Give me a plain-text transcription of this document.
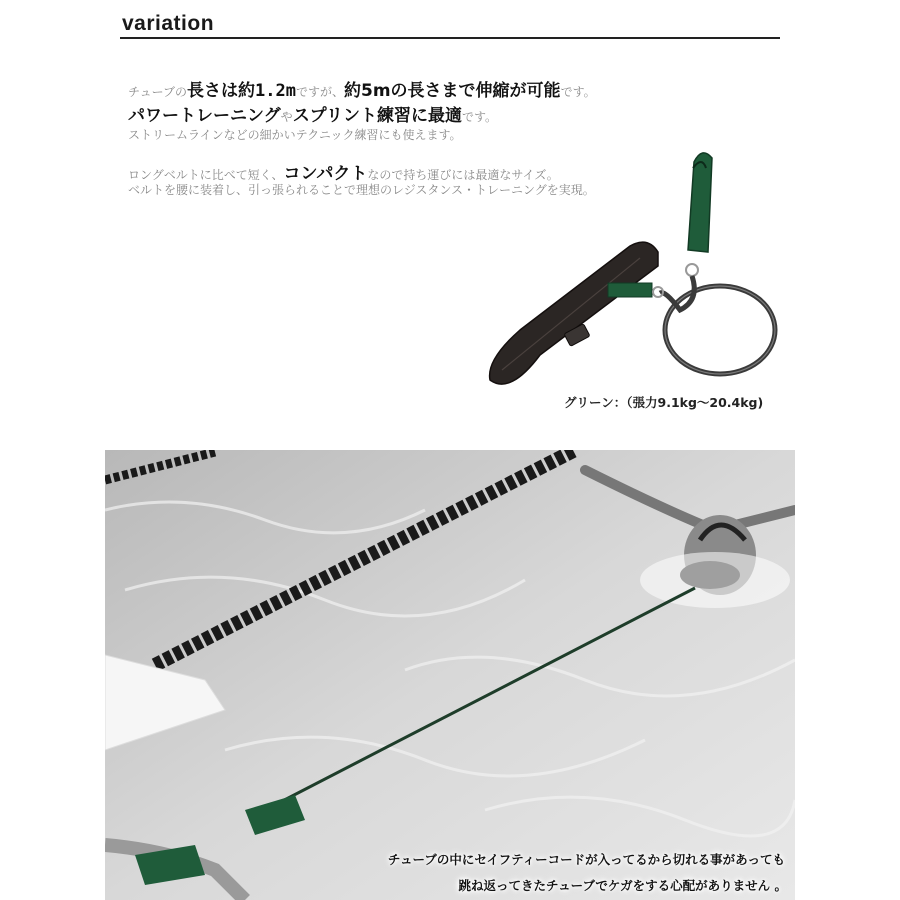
variation
チューブの長さは約1.2mですが、約5mの長さまで伸縮が可能です。
パワートレーニングやスプリント練習に最適です。
ストリームラインなどの細かいテクニック練習にも使えます。
ロングベルトに比べて短く、コンパクトなので持ち運びには最適なサイズ。
ベルトを腰に装着し、引っ張られることで理想のレジスタンス・トレーニングを実現。
グリーン：（張力9.1kg～20.4kg)
チューブの中にセイフティーコードが入ってるから切れる事があっても
跳ね返ってきたチューブでケガをする心配がありません 。
